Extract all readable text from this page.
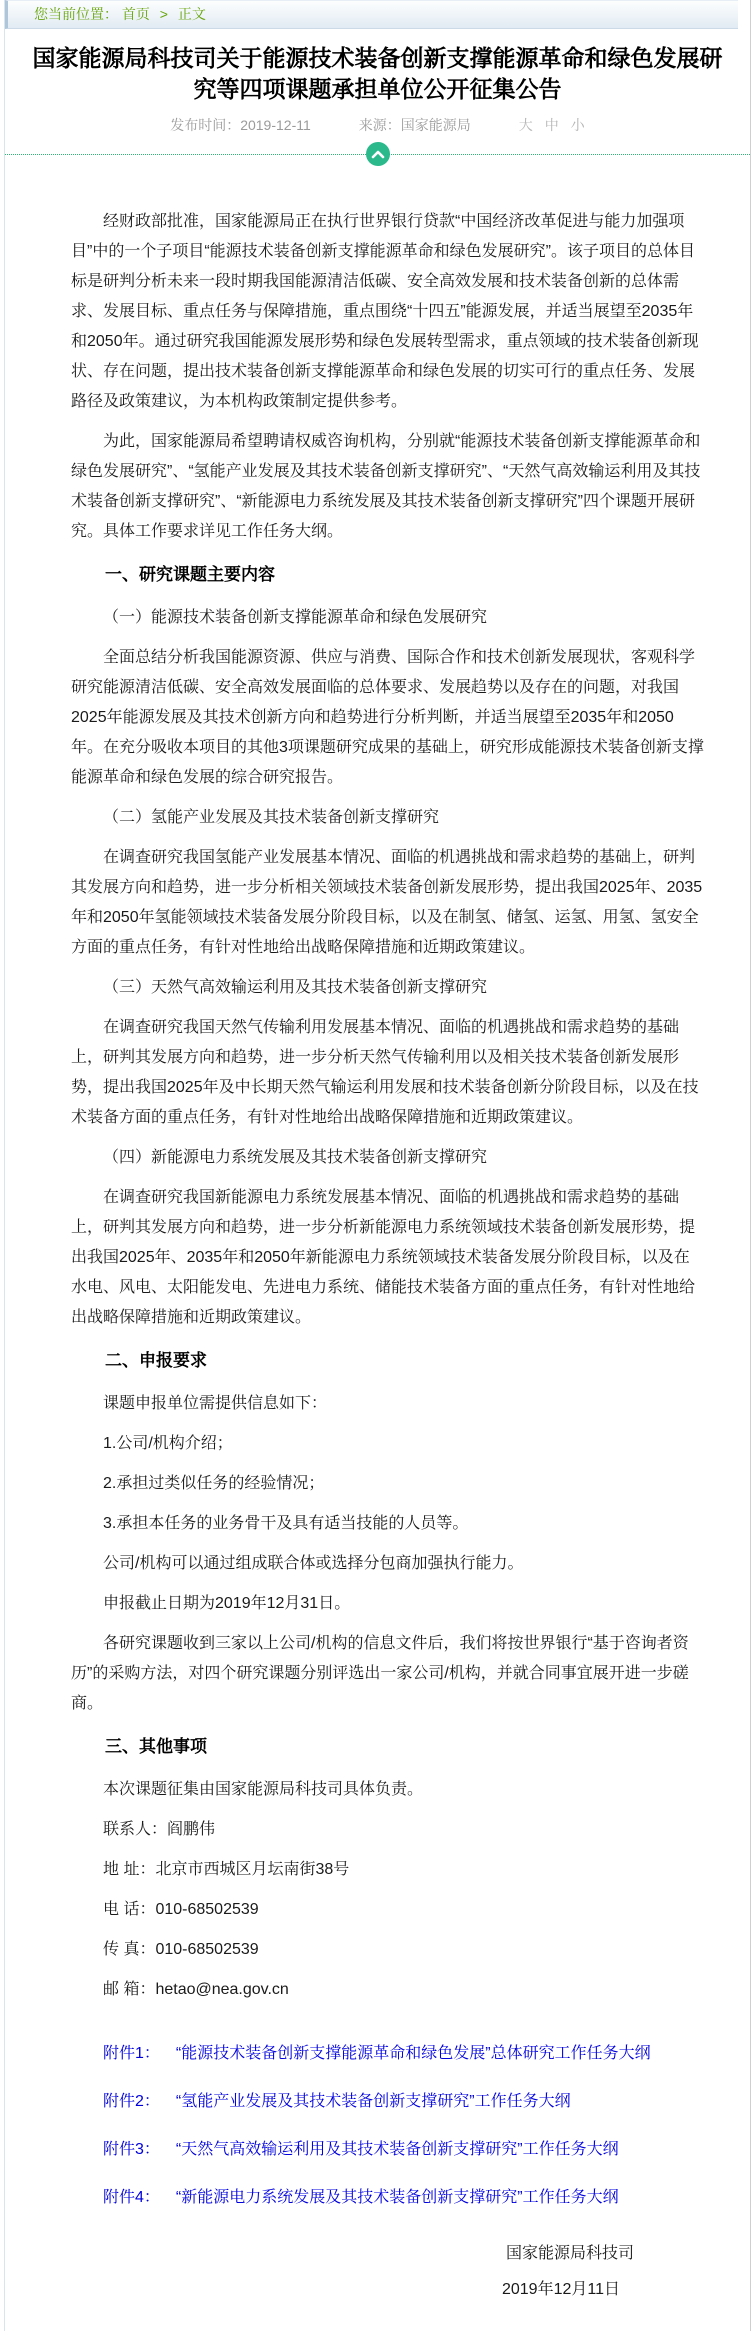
您当前位置： 首页 > 正文
国家能源局科技司关于能源技术装备创新支撑能源革命和绿色发展研究等四项课题承担单位公开征集公告
发布时间：2019-12-11	来源：国家能源局	大 中 小

经财政部批准，国家能源局正在执行世界银行贷款“中国经济改革促进与能力加强项目”中的一个子项目“能源技术装备创新支撑能源革命和绿色发展研究”。该子项目的总体目标是研判分析未来一段时期我国能源清洁低碳、安全高效发展和技术装备创新的总体需求、发展目标、重点任务与保障措施，重点围绕“十四五”能源发展，并适当展望至2035年和2050年。通过研究我国能源发展形势和绿色发展转型需求，重点领域的技术装备创新现状、存在问题，提出技术装备创新支撑能源革命和绿色发展的切实可行的重点任务、发展路径及政策建议，为本机构政策制定提供参考。

为此，国家能源局希望聘请权威咨询机构，分别就“能源技术装备创新支撑能源革命和绿色发展研究”、“氢能产业发展及其技术装备创新支撑研究”、“天然气高效输运利用及其技术装备创新支撑研究”、“新能源电力系统发展及其技术装备创新支撑研究”四个课题开展研究。具体工作要求详见工作任务大纲。

一、研究课题主要内容

（一）能源技术装备创新支撑能源革命和绿色发展研究

全面总结分析我国能源资源、供应与消费、国际合作和技术创新发展现状，客观科学研究能源清洁低碳、安全高效发展面临的总体要求、发展趋势以及存在的问题，对我国2025年能源发展及其技术创新方向和趋势进行分析判断，并适当展望至2035年和2050年。在充分吸收本项目的其他3项课题研究成果的基础上，研究形成能源技术装备创新支撑能源革命和绿色发展的综合研究报告。

（二）氢能产业发展及其技术装备创新支撑研究

在调查研究我国氢能产业发展基本情况、面临的机遇挑战和需求趋势的基础上，研判其发展方向和趋势，进一步分析相关领域技术装备创新发展形势，提出我国2025年、2035年和2050年氢能领域技术装备发展分阶段目标，以及在制氢、储氢、运氢、用氢、氢安全方面的重点任务，有针对性地给出战略保障措施和近期政策建议。

（三）天然气高效输运利用及其技术装备创新支撑研究

在调查研究我国天然气传输利用发展基本情况、面临的机遇挑战和需求趋势的基础上，研判其发展方向和趋势，进一步分析天然气传输利用以及相关技术装备创新发展形势，提出我国2025年及中长期天然气输运利用发展和技术装备创新分阶段目标，以及在技术装备方面的重点任务，有针对性地给出战略保障措施和近期政策建议。

（四）新能源电力系统发展及其技术装备创新支撑研究

在调查研究我国新能源电力系统发展基本情况、面临的机遇挑战和需求趋势的基础上，研判其发展方向和趋势，进一步分析新能源电力系统领域技术装备创新发展形势，提出我国2025年、2035年和2050年新能源电力系统领域技术装备发展分阶段目标，以及在水电、风电、太阳能发电、先进电力系统、储能技术装备方面的重点任务，有针对性地给出战略保障措施和近期政策建议。

二、申报要求

课题申报单位需提供信息如下：

1.公司/机构介绍；

2.承担过类似任务的经验情况；

3.承担本任务的业务骨干及具有适当技能的人员等。

公司/机构可以通过组成联合体或选择分包商加强执行能力。

申报截止日期为2019年12月31日。

各研究课题收到三家以上公司/机构的信息文件后，我们将按世界银行“基于咨询者资历”的采购方法，对四个研究课题分别评选出一家公司/机构，并就合同事宜展开进一步磋商。

三、其他事项

本次课题征集由国家能源局科技司具体负责。

联系人：阎鹏伟

地 址：北京市西城区月坛南街38号

电 话：010-68502539

传 真：010-68502539

邮 箱：hetao@nea.gov.cn

附件1： “能源技术装备创新支撑能源革命和绿色发展”总体研究工作任务大纲

附件2： “氢能产业发展及其技术装备创新支撑研究”工作任务大纲

附件3： “天然气高效输运利用及其技术装备创新支撑研究”工作任务大纲

附件4： “新能源电力系统发展及其技术装备创新支撑研究”工作任务大纲

国家能源局科技司

2019年12月11日
